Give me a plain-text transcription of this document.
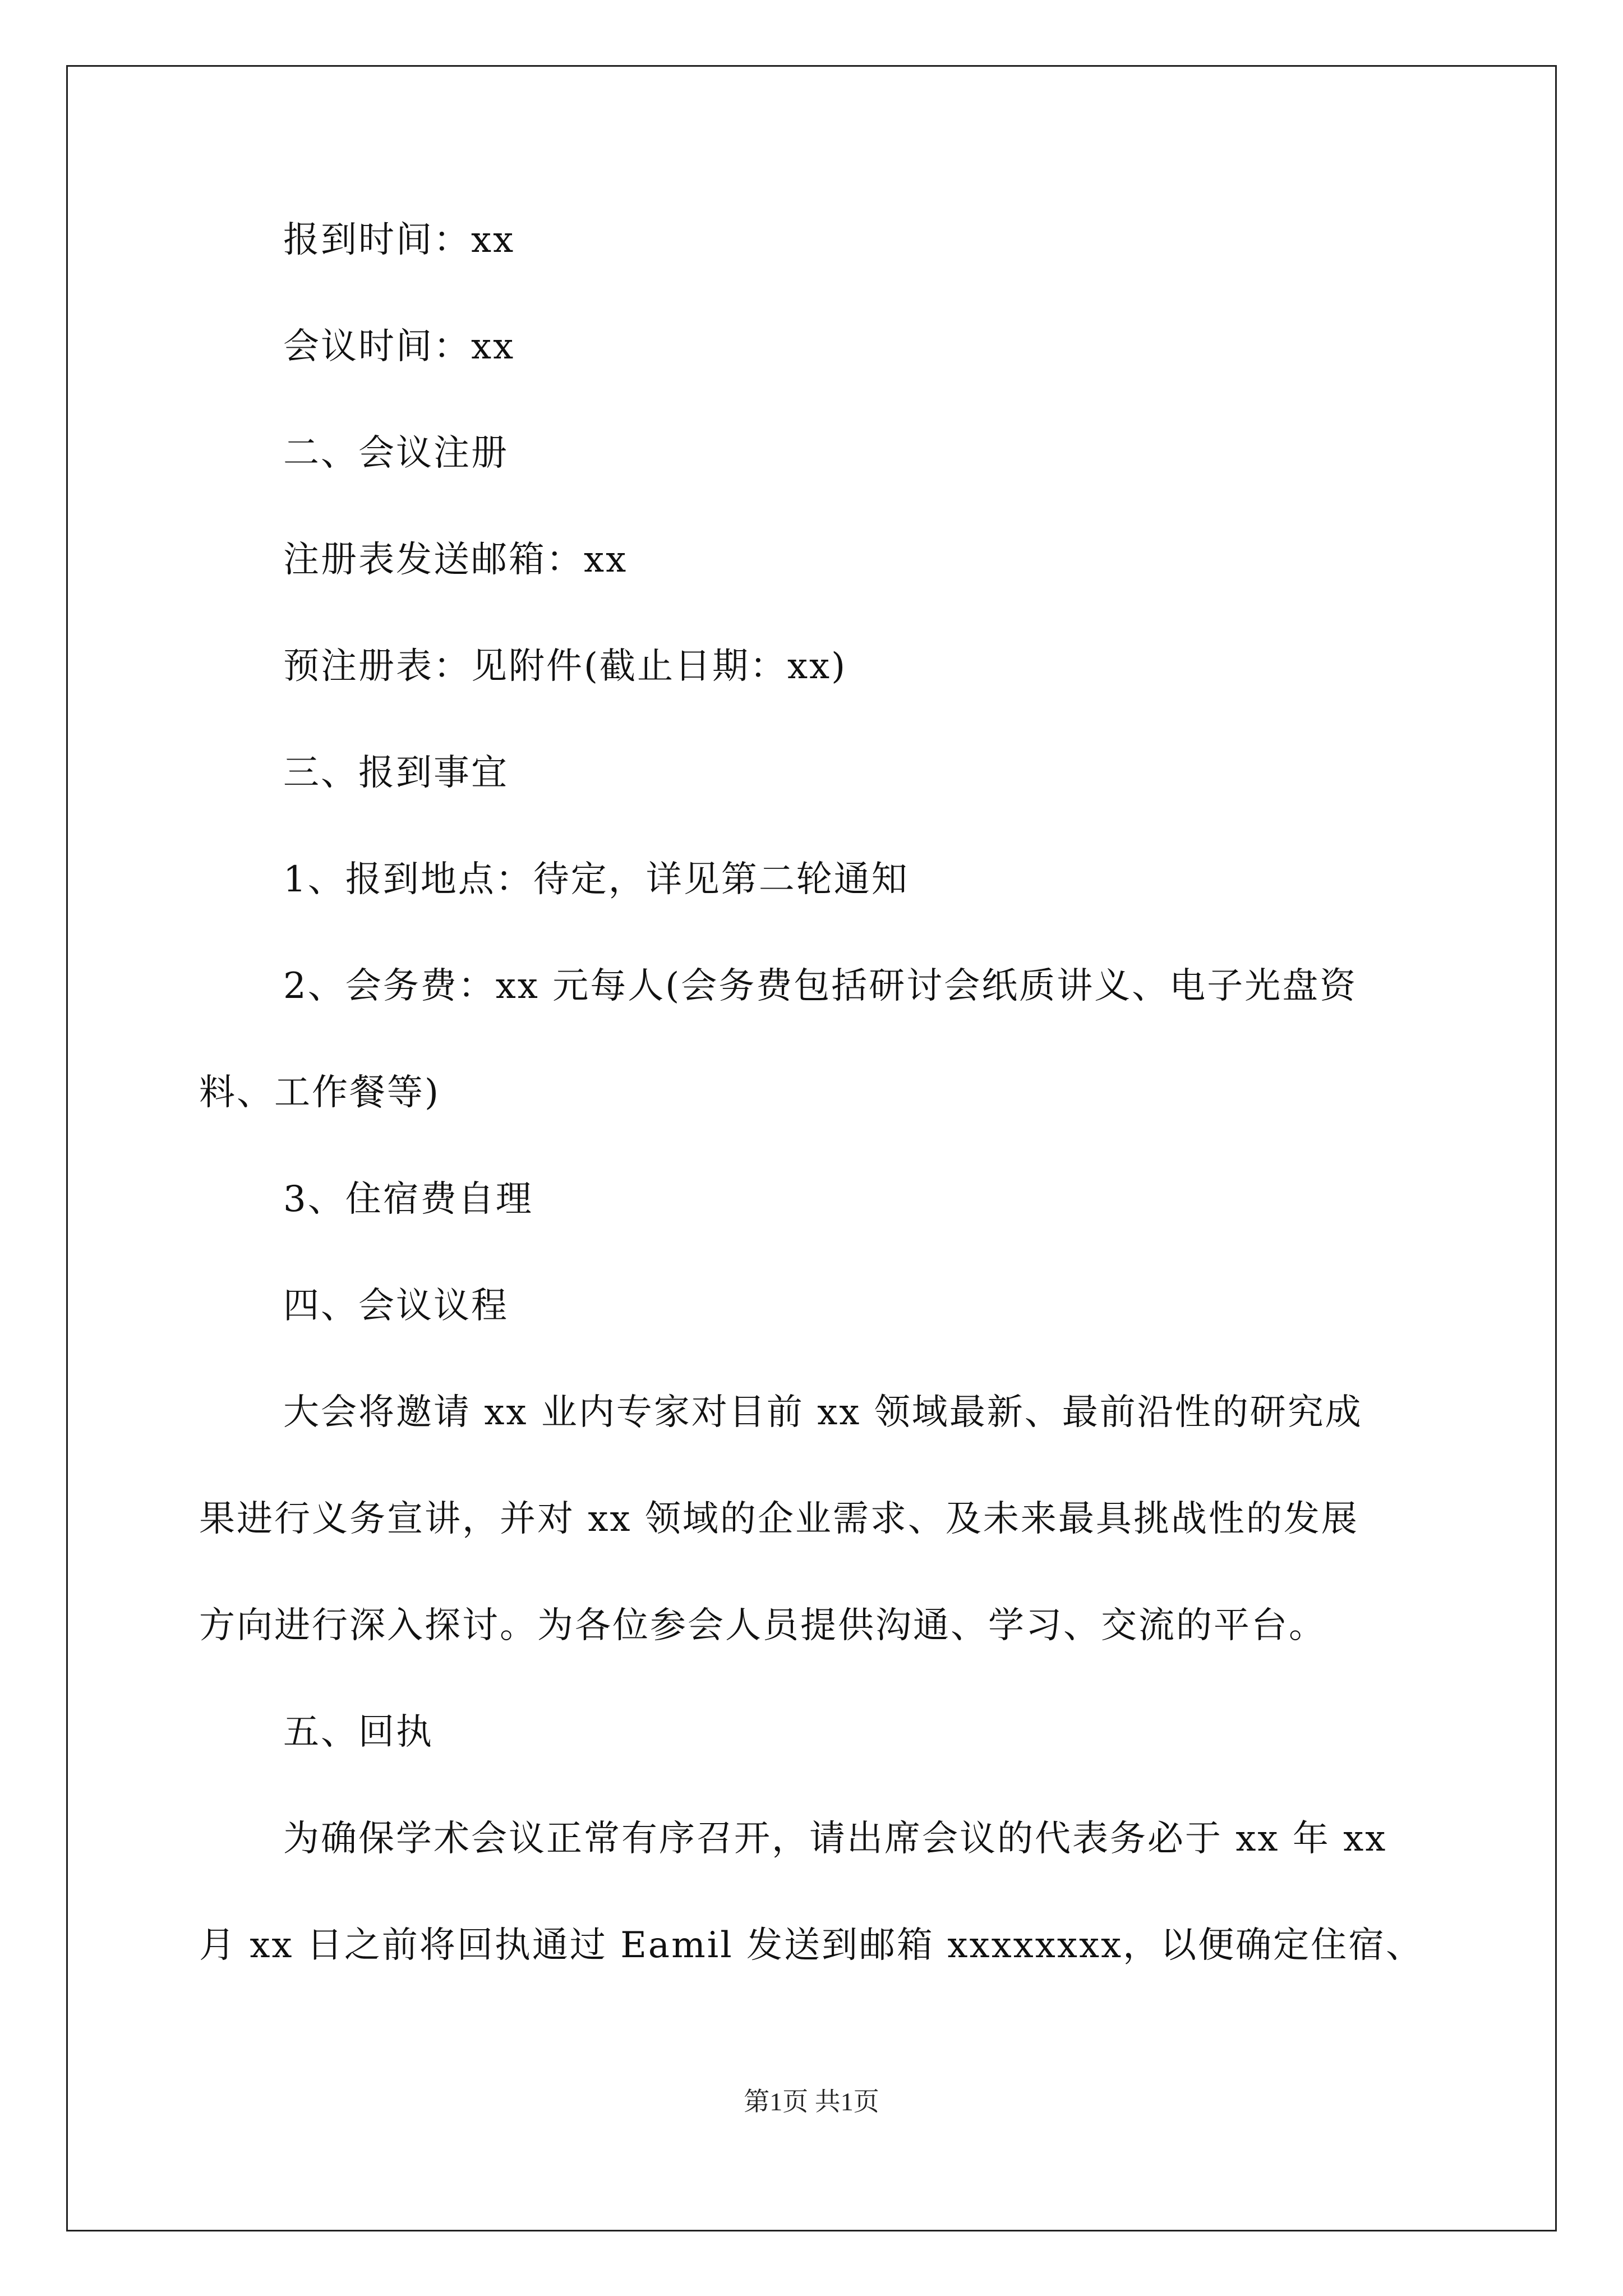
报到时间：xx
会议时间：xx
二、会议注册
注册表发送邮箱：xx
预注册表：见附件(截止日期：xx)
三、报到事宜
1、报到地点：待定，详见第二轮通知
2、会务费：xx 元每人(会务费包括研讨会纸质讲义、电子光盘资
料、工作餐等)
3、住宿费自理
四、会议议程
大会将邀请 xx 业内专家对目前 xx 领域最新、最前沿性的研究成
果进行义务宣讲，并对 xx 领域的企业需求、及未来最具挑战性的发展
方向进行深入探讨。为各位参会人员提供沟通、学习、交流的平台。
五、回执
为确保学术会议正常有序召开，请出席会议的代表务必于 xx 年 xx
月 xx 日之前将回执通过 Eamil 发送到邮箱 xxxxxxxx，以便确定住宿、
第1页 共1页
